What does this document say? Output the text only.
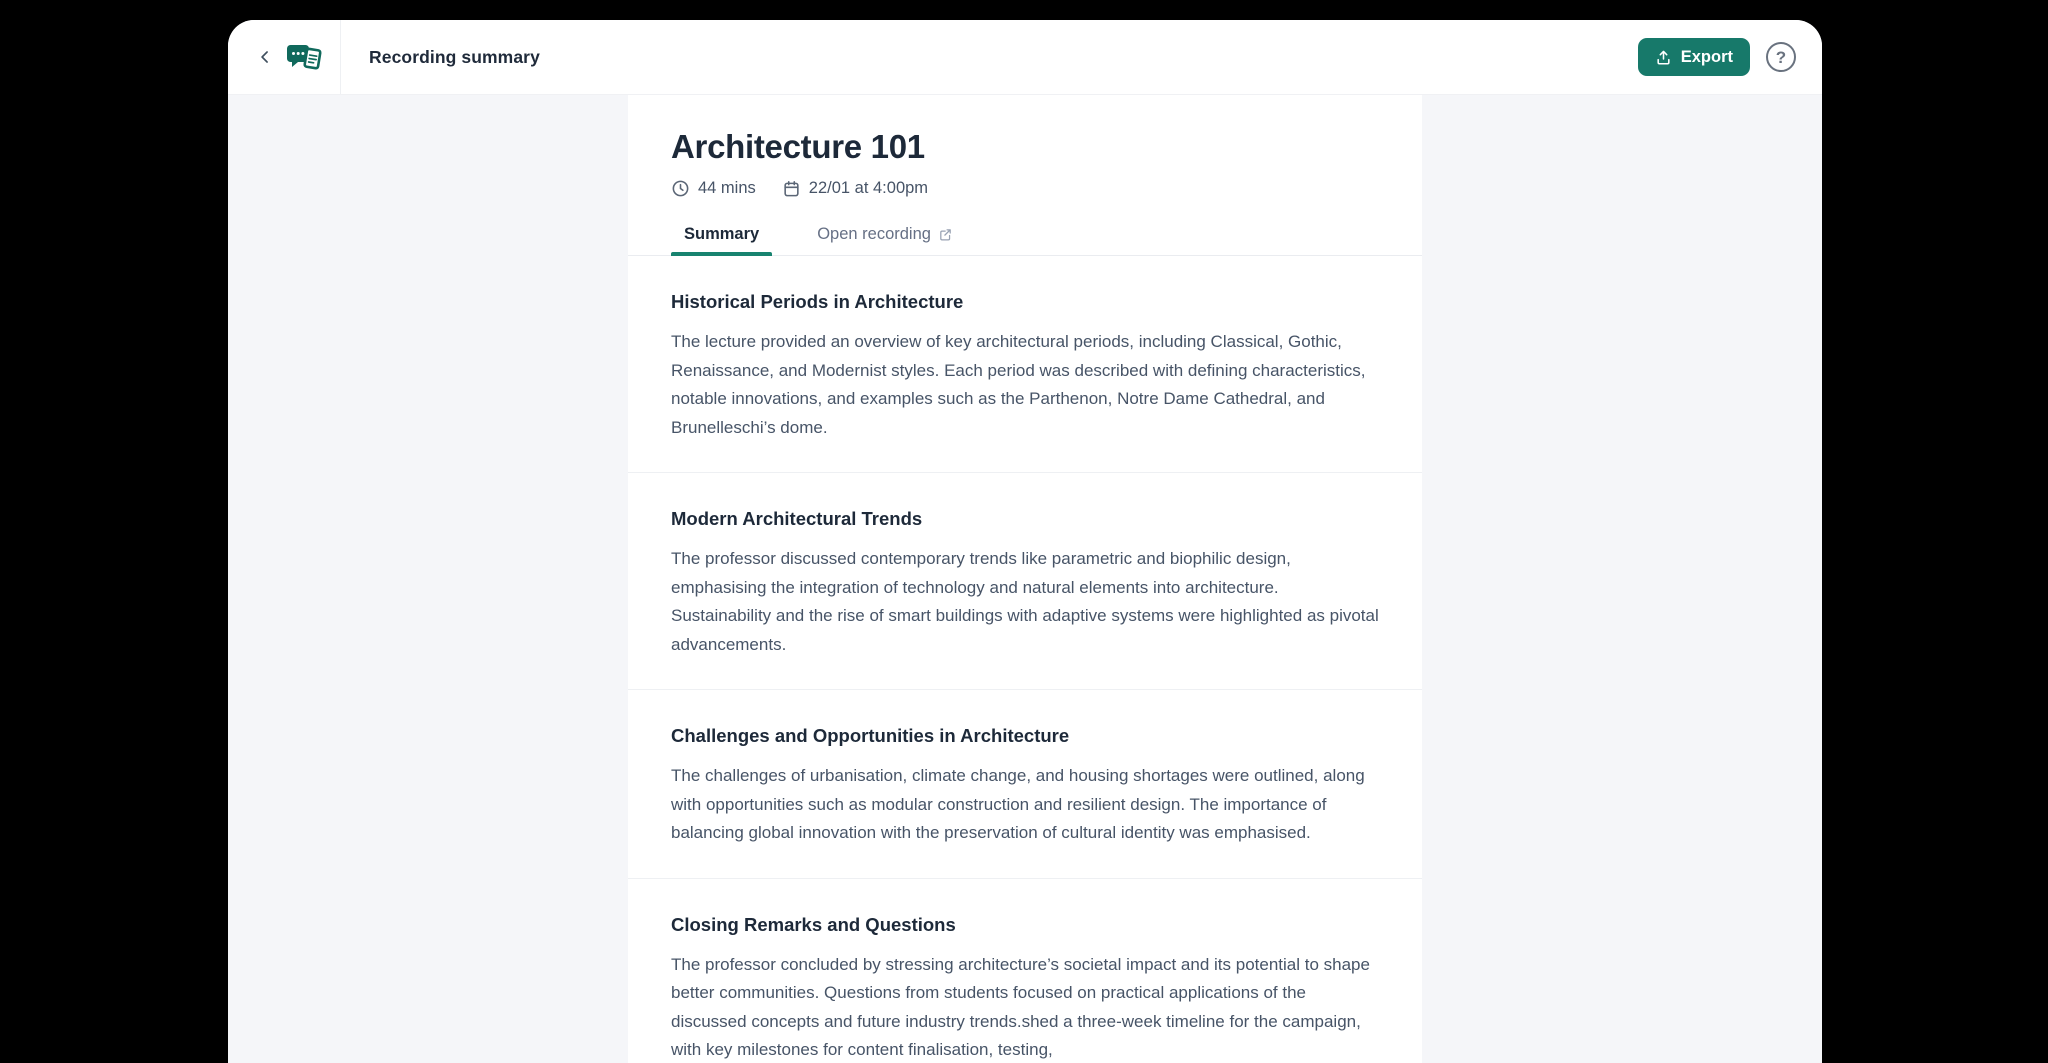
Recording summary	Export	?
Architecture 101
44 mins	22/01 at 4:00pm
Summary	Open recording
Historical Periods in Architecture

The lecture provided an overview of key architectural periods, including Classical, Gothic, Renaissance, and Modernist styles. Each period was described with defining characteristics, notable innovations, and examples such as the Parthenon, Notre Dame Cathedral, and Brunelleschi’s dome.

Modern Architectural Trends

The professor discussed contemporary trends like parametric and biophilic design, emphasising the integration of technology and natural elements into architecture. Sustainability and the rise of smart buildings with adaptive systems were highlighted as pivotal advancements.

Challenges and Opportunities in Architecture

The challenges of urbanisation, climate change, and housing shortages were outlined, along with opportunities such as modular construction and resilient design. The importance of balancing global innovation with the preservation of cultural identity was emphasised.

Closing Remarks and Questions

The professor concluded by stressing architecture’s societal impact and its potential to shape better communities. Questions from students focused on practical applications of the discussed concepts and future industry trends.shed a three-week timeline for the campaign, with key milestones for content finalisation, testing,
